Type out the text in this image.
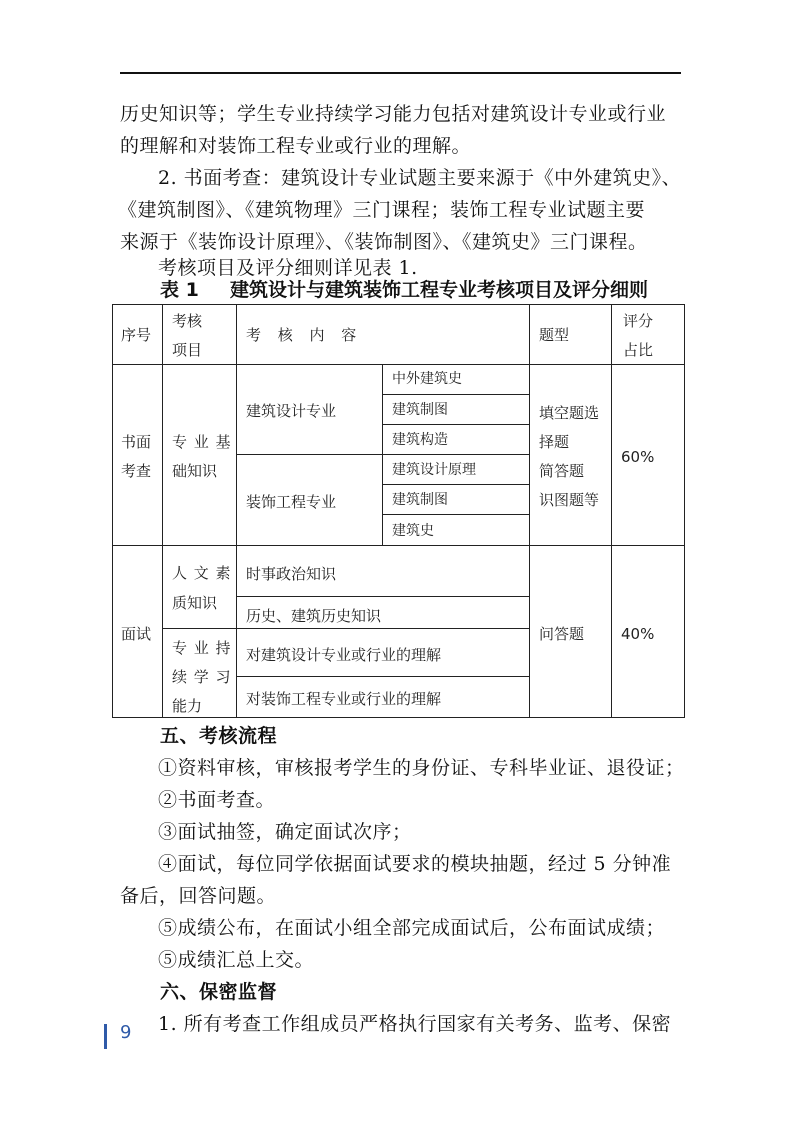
历史知识等；学生专业持续学习能力包括对建筑设计专业或行业
的理解和对装饰工程专业或行业的理解。
2. 书面考查：建筑设计专业试题主要来源于《中外建筑史》、
《建筑制图》、《建筑物理》三门课程；装饰工程专业试题主要
来源于《装饰设计原理》、《装饰制图》、《建筑史》三门课程。
考核项目及评分细则详见表 1.
表 1 建筑设计与建筑装饰工程专业考核项目及评分细则
序号
考核
项目
考 核 内 容	题型
评分
占比
书面
考查
专 业 基
础知识
建筑设计专业
中外建筑史
建筑制图
建筑构造
装饰工程专业
建筑设计原理
建筑制图
建筑史
填空题选
择题
简答题
识图题等
60%
面试
人 文 素
质知识
时事政治知识
历史、建筑历史知识
专 业 持
续 学 习
能力
对建筑设计专业或行业的理解
对装饰工程专业或行业的理解
问答题 40%
五、考核流程
①资料审核，审核报考学生的身份证、专科毕业证、退役证；
②书面考查。
③面试抽签，确定面试次序；
④面试，每位同学依据面试要求的模块抽题，经过 5 分钟准
备后，回答问题。
⑤成绩公布，在面试小组全部完成面试后，公布面试成绩；
⑤成绩汇总上交。
六、保密监督
1. 所有考查工作组成员严格执行国家有关考务、监考、保密
9
